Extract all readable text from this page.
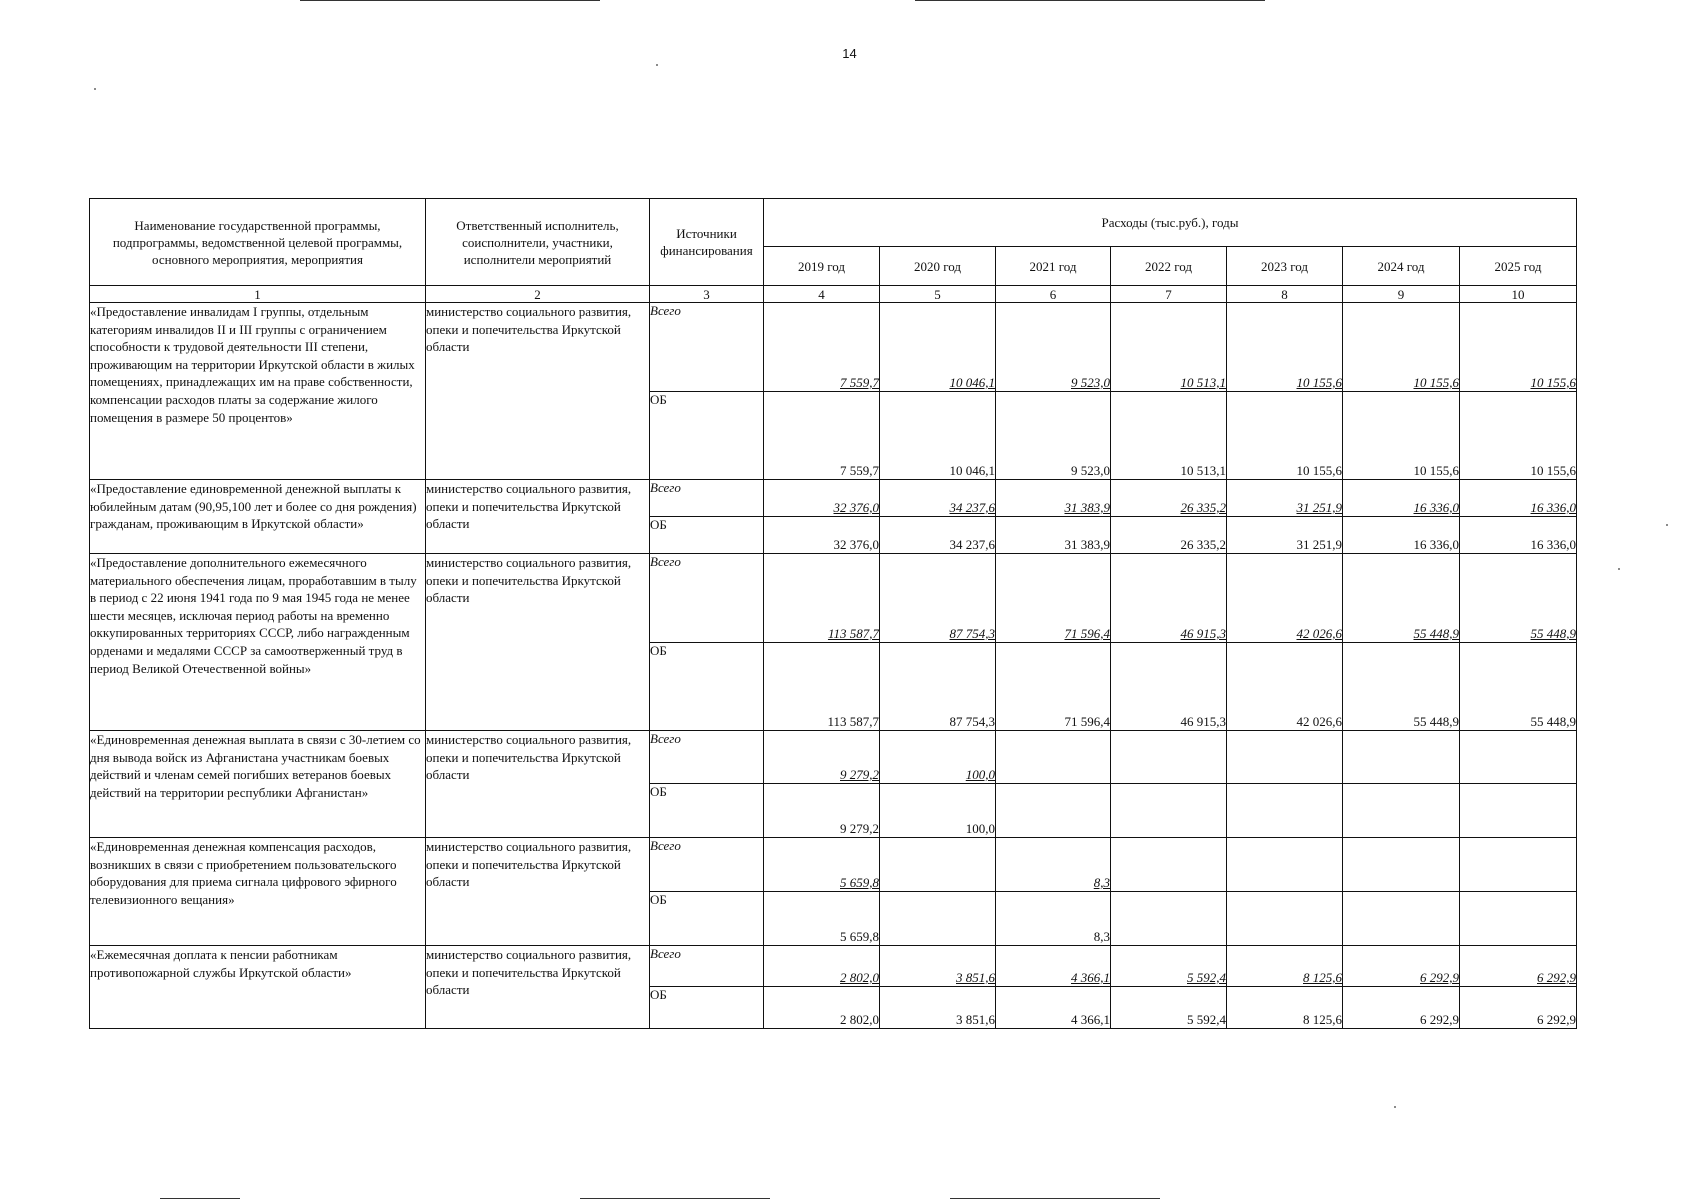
14
Наименование государственной программы, подпрограммы, ведомственной целевой программы, основного мероприятия, мероприятия	Ответственный исполнитель, соисполнители, участники, исполнители мероприятий	Источники финансирования	Расходы (тыс.руб.), годы						
			2019 год	2020 год	2021 год	2022 год	2023 год	2024 год	2025 год
1	2	3	4	5	6	7	8	9	10
«Предоставление инвалидам I группы, отдельным категориям инвалидов II и III группы с ограничением способности к трудовой деятельности III степени, проживающим на территории Иркутской области в жилых помещениях, принадлежащих им на праве собственности, компенсации расходов платы за содержание жилого помещения в размере 50 процентов»	министерство социального развития, опеки и попечительства Иркутской области	Всего	7 559,7	10 046,1	9 523,0	10 513,1	10 155,6	10 155,6	10 155,6
		ОБ	7 559,7	10 046,1	9 523,0	10 513,1	10 155,6	10 155,6	10 155,6
«Предоставление единовременной денежной выплаты к юбилейным датам (90,95,100 лет и более со дня рождения) гражданам, проживающим в Иркутской области»	министерство социального развития, опеки и попечительства Иркутской области	Всего	32 376,0	34 237,6	31 383,9	26 335,2	31 251,9	16 336,0	16 336,0
		ОБ	32 376,0	34 237,6	31 383,9	26 335,2	31 251,9	16 336,0	16 336,0
«Предоставление дополнительного ежемесячного материального обеспечения лицам, проработавшим в тылу в период с 22 июня 1941 года по 9 мая 1945 года не менее шести месяцев, исключая период работы на временно оккупированных территориях СССР, либо награжденным орденами и медалями СССР за самоотверженный труд в период Великой Отечественной войны»	министерство социального развития, опеки и попечительства Иркутской области	Всего	113 587,7	87 754,3	71 596,4	46 915,3	42 026,6	55 448,9	55 448,9
		ОБ	113 587,7	87 754,3	71 596,4	46 915,3	42 026,6	55 448,9	55 448,9
«Единовременная денежная выплата в связи с 30-летием со дня вывода войск из Афганистана участникам боевых действий и членам семей погибших ветеранов боевых действий на территории республики Афганистан»	министерство социального развития, опеки и попечительства Иркутской области	Всего	9 279,2	100,0					
		ОБ	9 279,2	100,0					
«Единовременная денежная компенсация расходов, возникших в связи с приобретением пользовательского оборудования для приема сигнала цифрового эфирного телевизионного вещания»	министерство социального развития, опеки и попечительства Иркутской области	Всего	5 659,8		8,3				
		ОБ	5 659,8		8,3				
«Ежемесячная доплата к пенсии работникам противопожарной службы Иркутской области»	министерство социального развития, опеки и попечительства Иркутской области	Всего	2 802,0	3 851,6	4 366,1	5 592,4	8 125,6	6 292,9	6 292,9
		ОБ	2 802,0	3 851,6	4 366,1	5 592,4	8 125,6	6 292,9	6 292,9
